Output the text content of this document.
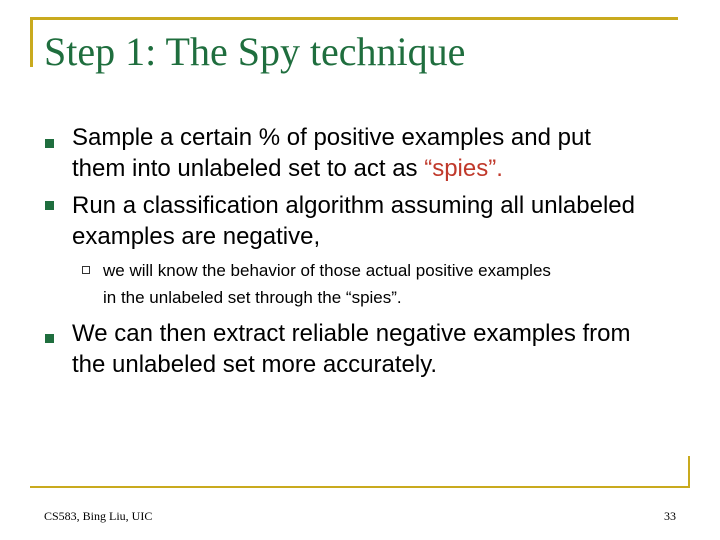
Step 1: The Spy technique
Sample a certain % of positive examples and put
them into unlabeled set to act as “spies”.
Run a classification algorithm assuming all unlabeled
examples are negative,
we will know the behavior of those actual positive examples
in the unlabeled set through the “spies”.
We can then extract reliable negative examples from
the unlabeled set more accurately.
CS583, Bing Liu, UIC	33
